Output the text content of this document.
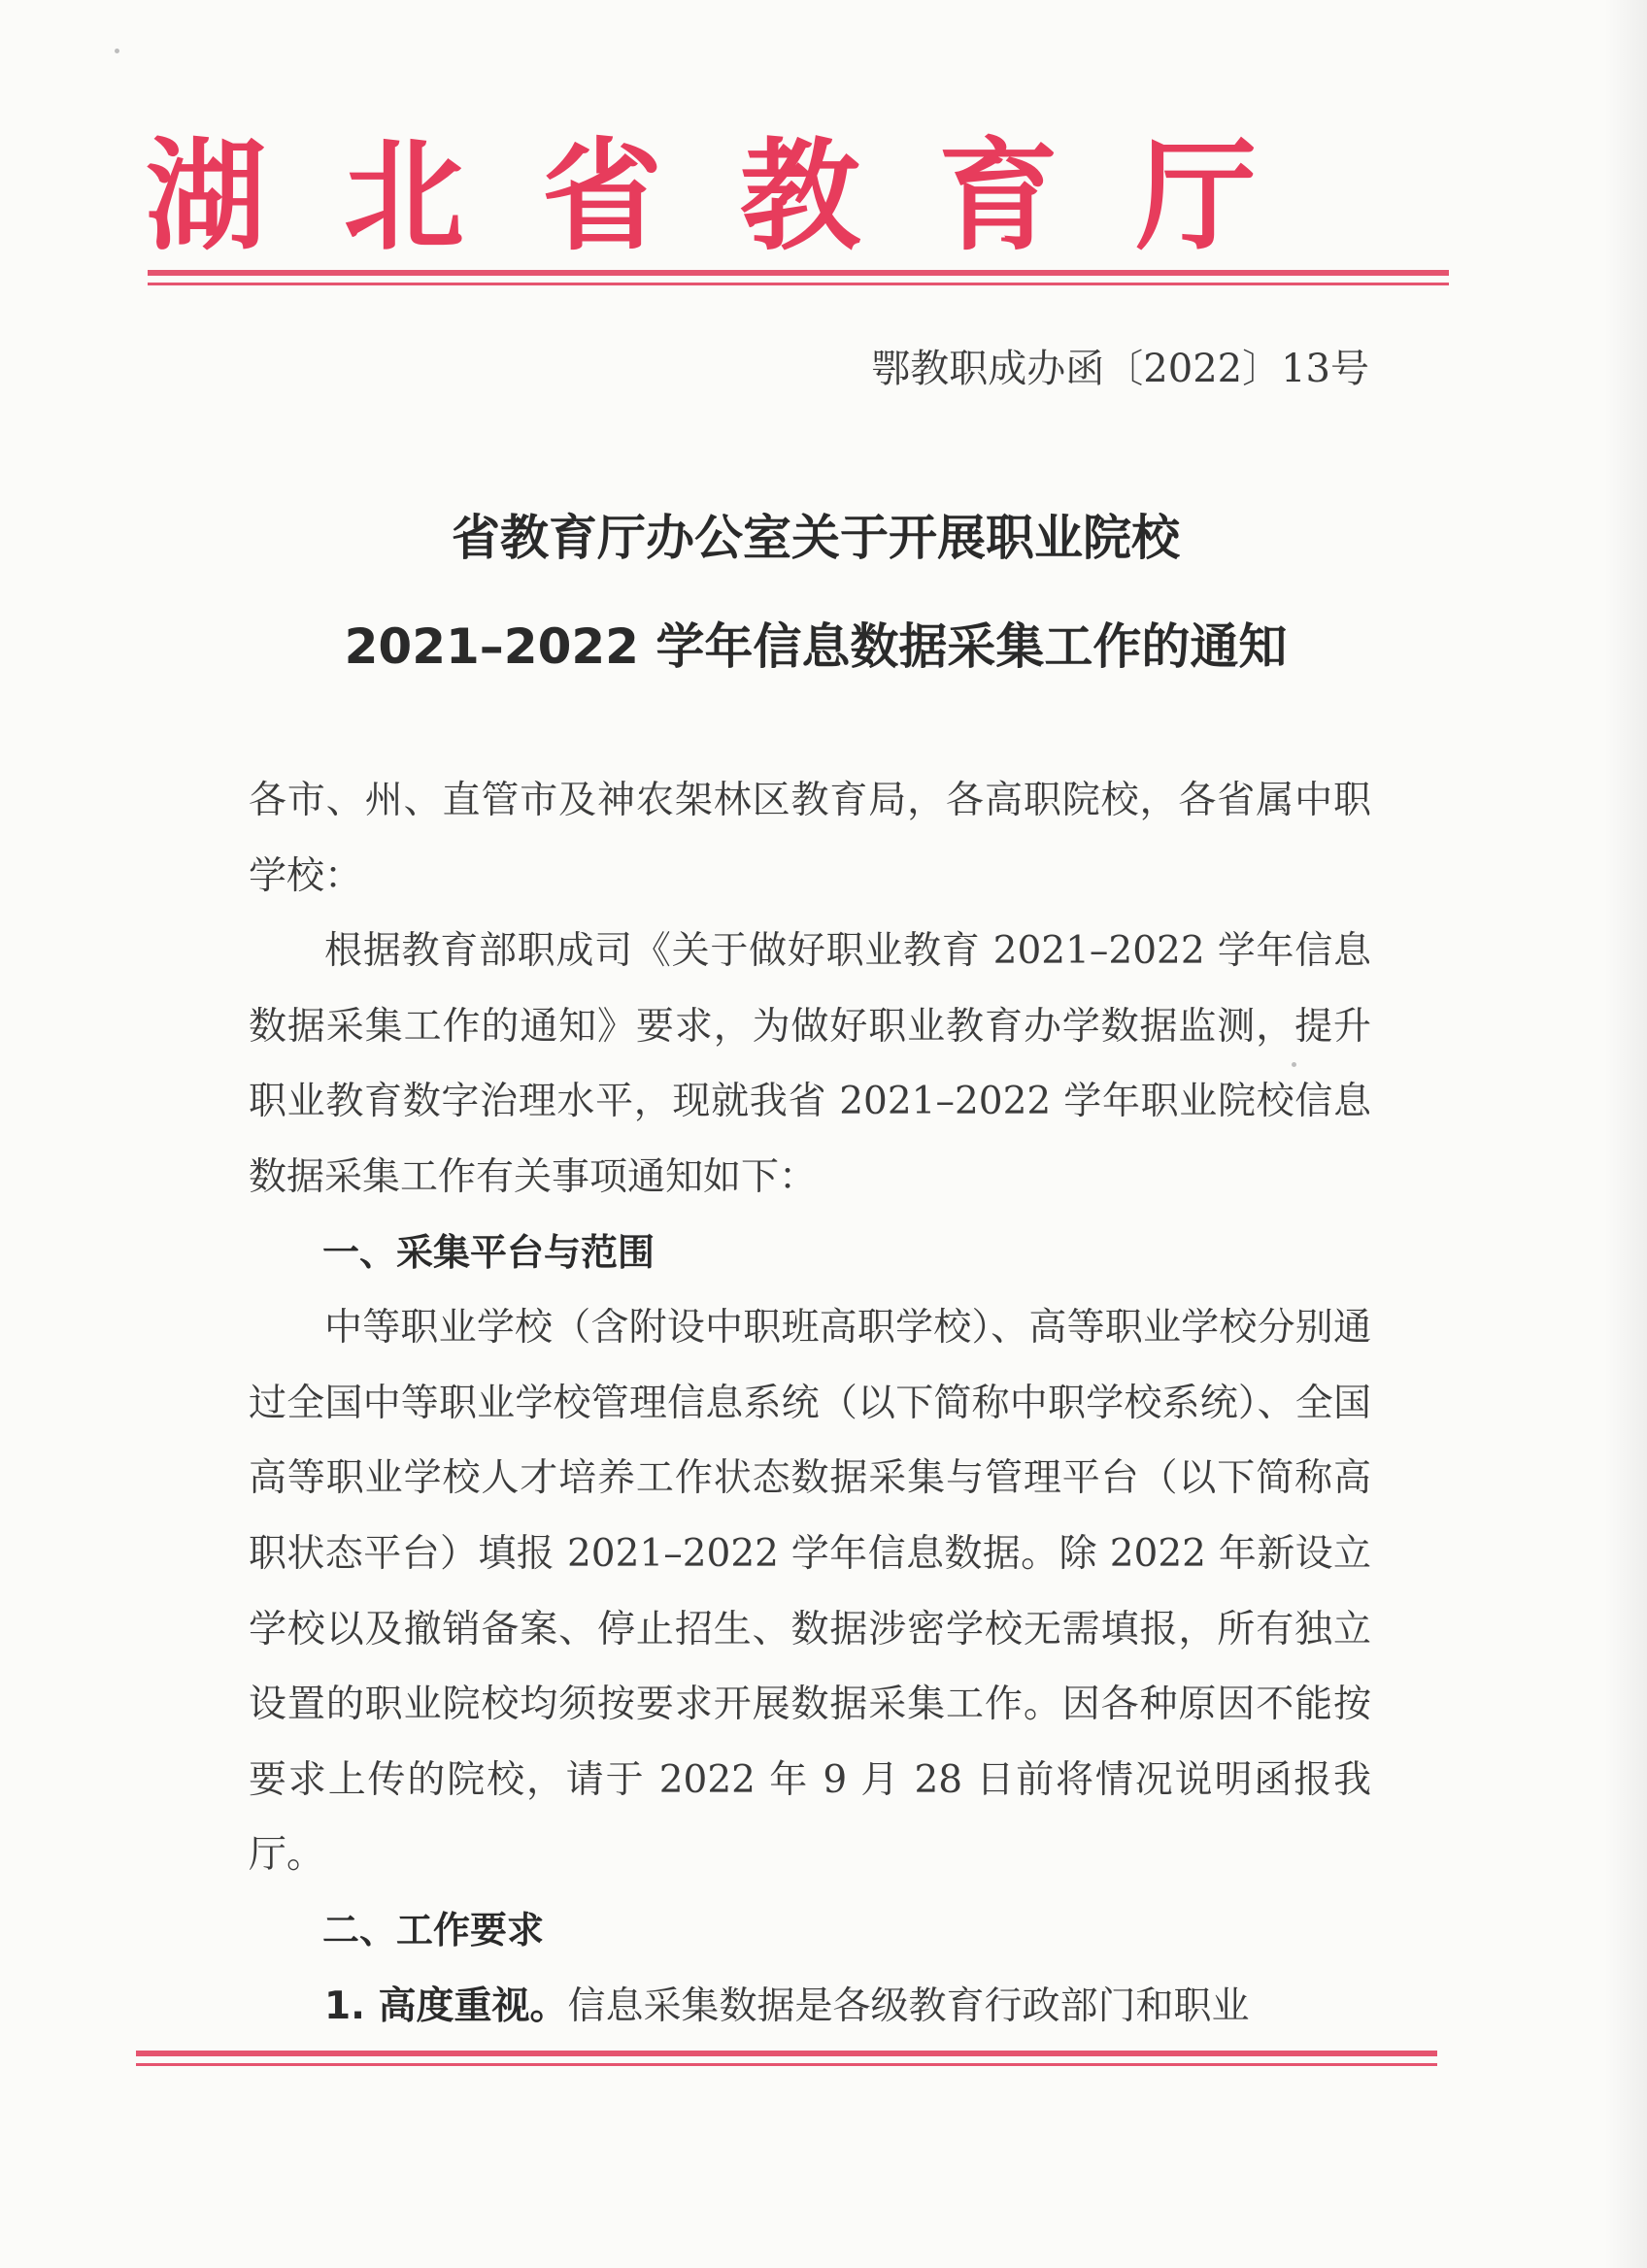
湖北省教育厅
鄂教职成办函〔2022〕13号
省教育厅办公室关于开展职业院校
2021–2022 学年信息数据采集工作的通知

各市、州、直管市及神农架林区教育局，各高职院校，各省属中职学校：

根据教育部职成司《关于做好职业教育 2021–2022 学年信息数据采集工作的通知》要求，为做好职业教育办学数据监测，提升职业教育数字治理水平，现就我省 2021–2022 学年职业院校信息数据采集工作有关事项通知如下：

一、采集平台与范围

中等职业学校（含附设中职班高职学校）、高等职业学校分别通过全国中等职业学校管理信息系统（以下简称中职学校系统）、全国高等职业学校人才培养工作状态数据采集与管理平台（以下简称高职状态平台）填报 2021–2022 学年信息数据。除 2022 年新设立学校以及撤销备案、停止招生、数据涉密学校无需填报，所有独立设置的职业院校均须按要求开展数据采集工作。因各种原因不能按要求上传的院校，请于 2022 年 9 月 28 日前将情况说明函报我厅。

二、工作要求

1. 高度重视。信息采集数据是各级教育行政部门和职业
